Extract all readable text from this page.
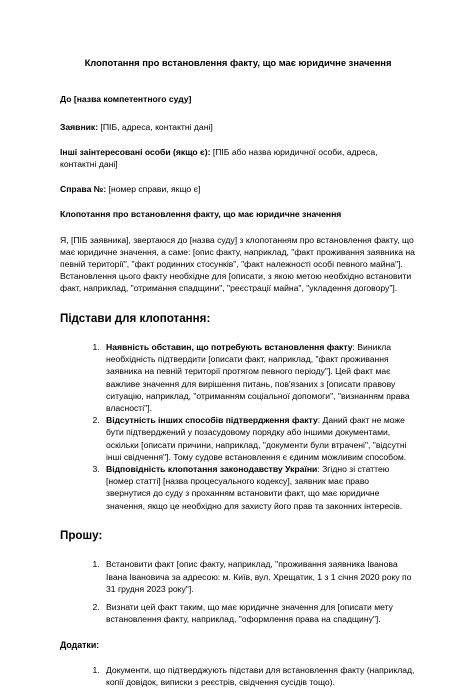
Клопотання про встановлення факту, що має юридичне значення

До [назва компетентного суду]

Заявник: [ПІБ, адреса, контактні дані]

Інші заінтересовані особи (якщо є): [ПІБ або назва юридичної особи, адреса, контактні дані]

Справа №: [номер справи, якщо є]

Клопотання про встановлення факту, що має юридичне значення

Я, [ПІБ заявника], звертаюся до [назва суду] з клопотанням про встановлення факту, що має юридичне значення, а саме: [опис факту, наприклад, "факт проживання заявника на певній території", "факт родинних стосунків", "факт належності особі певного майна"]. Встановлення цього факту необхідне для [описати, з якою метою необхідно встановити факт, наприклад, "отримання спадщини", "реєстрації майна", "укладення договору"].

Підстави для клопотання:

1. Наявність обставин, що потребують встановлення факту: Виникла необхідність підтвердити [описати факт, наприклад, "факт проживання заявника на певній території протягом певного періоду"]. Цей факт має важливе значення для вирішення питань, пов'язаних з [описати правову ситуацію, наприклад, "отриманням соціальної допомоги", "визнанням права власності"].
2. Відсутність інших способів підтвердження факту: Даний факт не може бути підтверджений у позасудовому порядку або іншими документами, оскільки [описати причини, наприклад, "документи були втрачені", "відсутні інші свідчення"]. Тому судове встановлення є єдиним можливим способом.
3. Відповідність клопотання законодавству України: Згідно зі статтею [номер статті] [назва процесуального кодексу], заявник має право звернутися до суду з проханням встановити факт, що має юридичне значення, якщо це необхідно для захисту його прав та законних інтересів.

Прошу:

1. Встановити факт [опис факту, наприклад, "проживання заявника Іванова Івана Івановича за адресою: м. Київ, вул. Хрещатик, 1 з 1 січня 2020 року по 31 грудня 2023 року"].
2. Визнати цей факт таким, що має юридичне значення для [описати мету встановлення факту, наприклад, "оформлення права на спадщину"].

Додатки:

1. Документи, що підтверджують підстави для встановлення факту (наприклад, копії довідок, виписки з реєстрів, свідчення сусідів тощо).
